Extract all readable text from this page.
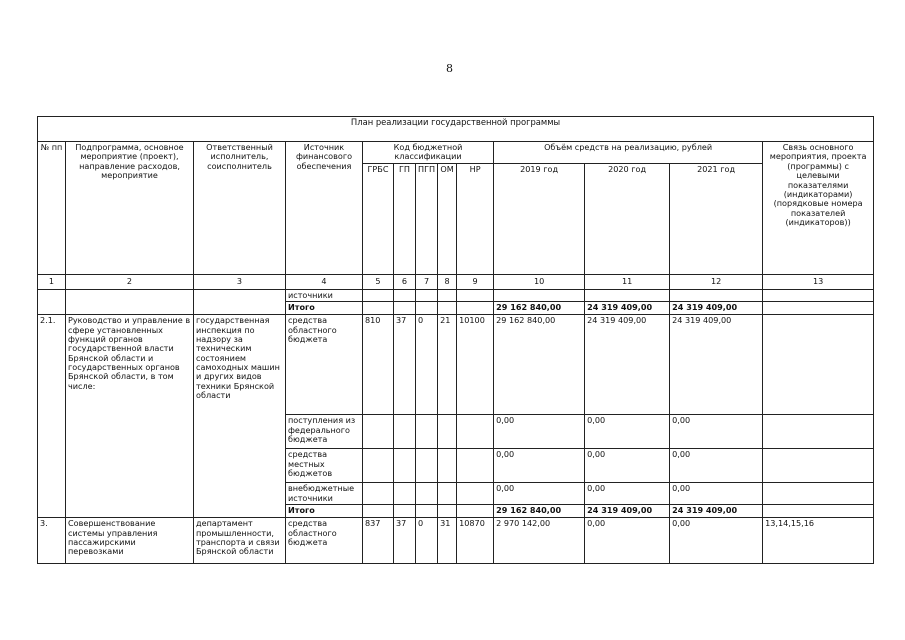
8
План реализации государственной программы												
№ пп	Подпрограмма, основное мероприятие (проект), направление расходов, мероприятие	Ответственный исполнитель, соисполнитель	Источник финансового обеспечения	Код бюджетной классификации					Объём средств на реализацию, рублей			Связь основного мероприятия, проекта (программы) с целевыми показателями (индикаторами) (порядковые номера показателей (индикаторов))
				ГРБС	ГП	ПГП	ОМ	НР	2019 год	2020 год	2021 год	
1	2	3	4	5	6	7	8	9	10	11	12	13
			источники									
			Итого						29 162 840,00	24 319 409,00	24 319 409,00	
2.1.	Руководство и управление в сфере установленных функций органов государственной власти Брянской области и государственных органов Брянской области, в том числе:	государственная инспекция по надзору за техническим состоянием самоходных машин и других видов техники Брянской области	средства областного бюджета	810	37	0	21	10100	29 162 840,00	24 319 409,00	24 319 409,00	
			поступления из федерального бюджета						0,00	0,00	0,00	
			средства местных бюджетов						0,00	0,00	0,00	
			внебюджетные источники						0,00	0,00	0,00	
			Итого						29 162 840,00	24 319 409,00	24 319 409,00	
3.	Совершенствование системы управления пассажирскими перевозками	департамент промышленности, транспорта и связи Брянской области	средства областного бюджета	837	37	0	31	10870	2 970 142,00	0,00	0,00	13,14,15,16
